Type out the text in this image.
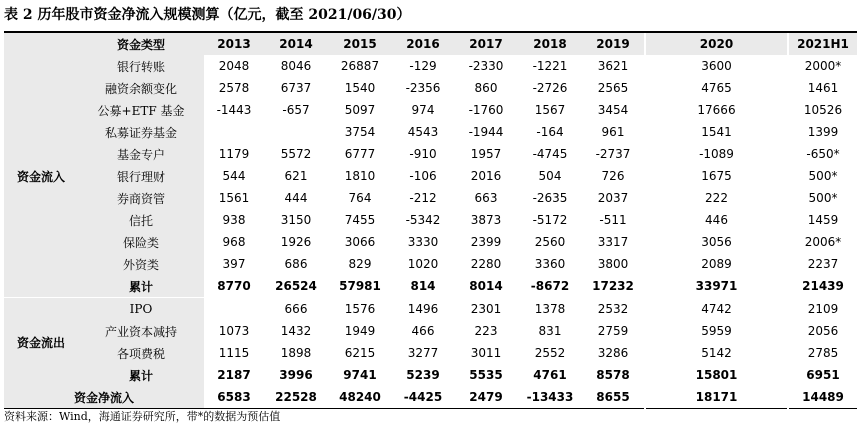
表 2 历年股市资金净流入规模测算（亿元，截至 2021/06/30）
	资金类型	2013	2014	2015	2016	2017	2018	2019	2020	2021H1
资金流入	银行转账	2048	8046	26887	-129	-2330	-1221	3621	3600	2000*
	融资余额变化	2578	6737	1540	-2356	860	-2726	2565	4765	1461
	公募+ETF 基金	-1443	-657	5097	974	-1760	1567	3454	17666	10526
	私募证券基金			3754	4543	-1944	-164	961	1541	1399
	基金专户	1179	5572	6777	-910	1957	-4745	-2737	-1089	-650*
	银行理财	544	621	1810	-106	2016	504	726	1675	500*
	券商资管	1561	444	764	-212	663	-2635	2037	222	500*
	信托	938	3150	7455	-5342	3873	-5172	-511	446	1459
	保险类	968	1926	3066	3330	2399	2560	3317	3056	2006*
	外资类	397	686	829	1020	2280	3360	3800	2089	2237
	累计	8770	26524	57981	814	8014	-8672	17232	33971	21439
资金流出	IPO		666	1576	1496	2301	1378	2532	4742	2109
	产业资本减持	1073	1432	1949	466	223	831	2759	5959	2056
	各项费税	1115	1898	6215	3277	3011	2552	3286	5142	2785
	累计	2187	3996	9741	5239	5535	4761	8578	15801	6951
资金净流入		6583	22528	48240	-4425	2479	-13433	8655	18171	14489
资料来源：Wind，海通证券研究所，带*的数据为预估值
